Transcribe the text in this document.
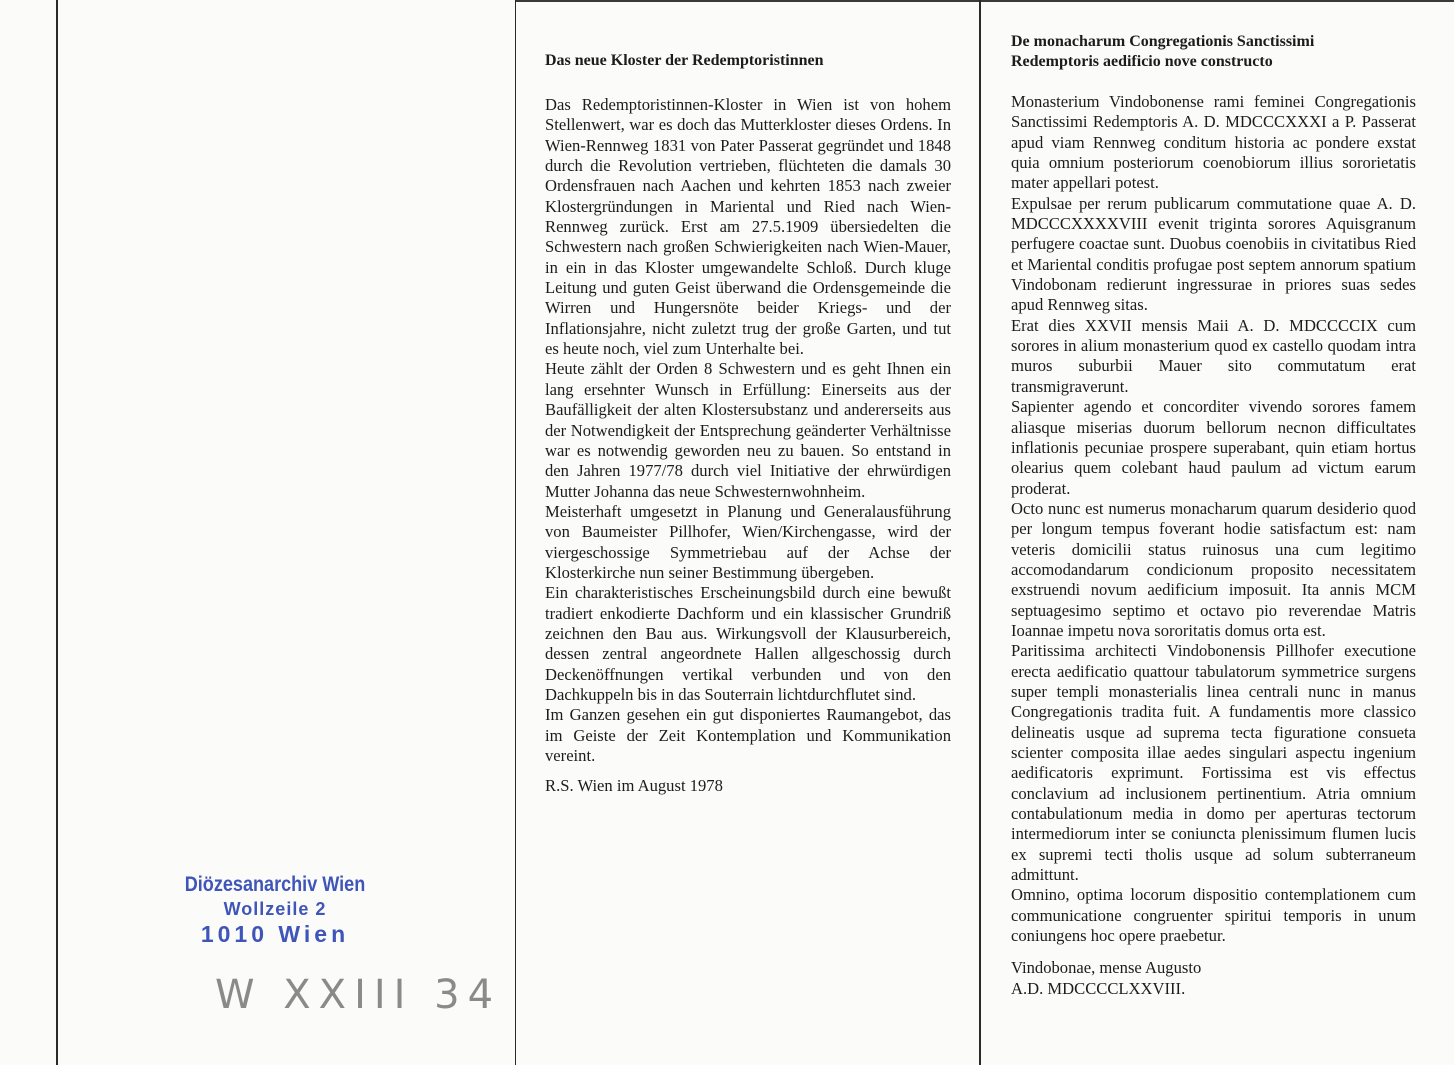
Diözesanarchiv Wien
Wollzeile 2
1010 Wien
W XXIII 34
Das neue Kloster der Redemptoristinnen

Das Redemptoristinnen-Kloster in Wien ist von hohem Stellenwert, war es doch das Mutterkloster dieses Ordens. In Wien-Rennweg 1831 von Pater Passerat gegründet und 1848 durch die Revolution vertrieben, flüchteten die damals 30 Ordensfrauen nach Aachen und kehrten 1853 nach zweier Klostergründungen in Mariental und Ried nach Wien-Rennweg zurück. Erst am 27.5.1909 übersiedelten die Schwestern nach großen Schwierigkeiten nach Wien-Mauer, in ein in das Kloster umgewandelte Schloß. Durch kluge Leitung und guten Geist überwand die Ordensgemeinde die Wirren und Hungersnöte beider Kriegs- und der Inflationsjahre, nicht zuletzt trug der große Garten, und tut es heute noch, viel zum Unterhalte bei.

Heute zählt der Orden 8 Schwestern und es geht Ihnen ein lang ersehnter Wunsch in Erfüllung: Einerseits aus der Baufälligkeit der alten Klostersubstanz und andererseits aus der Notwendigkeit der Entsprechung geänderter Verhältnisse war es notwendig geworden neu zu bauen. So entstand in den Jahren 1977/78 durch viel Initiative der ehrwürdigen Mutter Johanna das neue Schwesternwohnheim.

Meisterhaft umgesetzt in Planung und Generalausführung von Baumeister Pillhofer, Wien/Kirchengasse, wird der viergeschossige Symmetriebau auf der Achse der Klosterkirche nun seiner Bestimmung übergeben.

Ein charakteristisches Erscheinungsbild durch eine bewußt tradiert enkodierte Dachform und ein klassischer Grundriß zeichnen den Bau aus. Wirkungsvoll der Klausurbereich, dessen zentral angeordnete Hallen allgeschossig durch Deckenöffnungen vertikal verbunden und von den Dachkuppeln bis in das Souterrain lichtdurchflutet sind.

Im Ganzen gesehen ein gut disponiertes Raumangebot, das im Geiste der Zeit Kontemplation und Kommunikation vereint.

R.S. Wien im August 1978

De monacharum Congregationis Sanctissimi
Redemptoris aedificio nove constructo

Monasterium Vindobonense rami feminei Congregationis Sanctissimi Redemptoris A. D. MDCCCXXXI a P. Passerat apud viam Rennweg conditum historia ac pondere exstat quia omnium posteriorum coenobiorum illius sororietatis mater appellari potest.

Expulsae per rerum publicarum commutatione quae A. D. MDCCCXXXXVIII evenit triginta sorores Aquisgranum perfugere coactae sunt. Duobus coenobiis in civitatibus Ried et Mariental conditis profugae post septem annorum spatium Vindobonam redierunt ingressurae in priores suas sedes apud Rennweg sitas.

Erat dies XXVII mensis Maii A. D. MDCCCCIX cum sorores in alium monasterium quod ex castello quodam intra muros suburbii Mauer sito commutatum erat transmigraverunt.

Sapienter agendo et concorditer vivendo sorores famem aliasque miserias duorum bellorum necnon difficultates inflationis pecuniae prospere superabant, quin etiam hortus olearius quem colebant haud paulum ad victum earum proderat.

Octo nunc est numerus monacharum quarum desiderio quod per longum tempus foverant hodie satisfactum est: nam veteris domicilii status ruinosus una cum legitimo accomodandarum condicionum proposito necessitatem exstruendi novum aedificium imposuit. Ita annis MCM septuagesimo septimo et octavo pio reverendae Matris Ioannae impetu nova sororitatis domus orta est.

Paritissima architecti Vindobonensis Pillhofer executione erecta aedificatio quattour tabulatorum symmetrice surgens super templi monasterialis linea centrali nunc in manus Congregationis tradita fuit. A fundamentis more classico delineatis usque ad suprema tecta figuratione consueta scienter composita illae aedes singulari aspectu ingenium aedificatoris exprimunt. Fortissima est vis effectus conclavium ad inclusionem pertinentium. Atria omnium contabulationum media in domo per aperturas tectorum intermediorum inter se coniuncta plenissimum flumen lucis ex supremi tecti tholis usque ad solum subterraneum admittunt.

Omnino, optima locorum dispositio contemplationem cum communicatione congruenter spiritui temporis in unum coniungens hoc opere praebetur.

Vindobonae, mense Augusto

A.D. MDCCCCLXXVIII.
